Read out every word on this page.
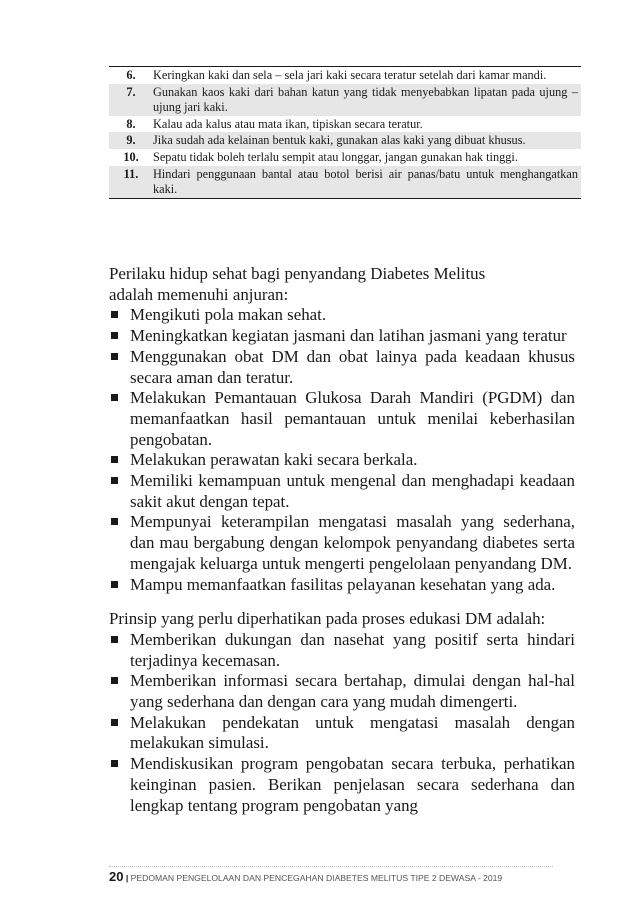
6.	Keringkan kaki dan sela – sela jari kaki secara teratur setelah dari kamar mandi.
7.	Gunakan kaos kaki dari bahan katun yang tidak menyebabkan lipatan pada ujung – ujung jari kaki.
8.	Kalau ada kalus atau mata ikan, tipiskan secara teratur.
9.	Jika sudah ada kelainan bentuk kaki, gunakan alas kaki yang dibuat khusus.
10.	Sepatu tidak boleh terlalu sempit atau longgar, jangan gunakan hak tinggi.
11.	Hindari penggunaan bantal atau botol berisi air panas/batu untuk menghangatkan kaki.

Perilaku hidup sehat bagi penyandang Diabetes Melitus

adalah memenuhi anjuran:

Mengikuti pola makan sehat.
Meningkatkan kegiatan jasmani dan latihan jasmani yang teratur
Menggunakan obat DM dan obat lainya pada keadaan khusus secara aman dan teratur.
Melakukan Pemantauan Glukosa Darah Mandiri (PGDM) dan memanfaatkan hasil pemantauan untuk menilai keberhasilan pengobatan.
Melakukan perawatan kaki secara berkala.
Memiliki kemampuan untuk mengenal dan menghadapi keadaan sakit akut dengan tepat.
Mempunyai keterampilan mengatasi masalah yang sederhana, dan mau bergabung dengan kelompok penyandang diabetes serta mengajak keluarga untuk mengerti pengelolaan penyandang DM.
Mampu memanfaatkan fasilitas pelayanan kesehatan yang ada.

Prinsip yang perlu diperhatikan pada proses edukasi DM adalah:

Memberikan dukungan dan nasehat yang positif serta hindari terjadinya kecemasan.
Memberikan informasi secara bertahap, dimulai dengan hal-hal yang sederhana dan dengan cara yang mudah dimengerti.
Melakukan pendekatan untuk mengatasi masalah dengan melakukan simulasi.
Mendiskusikan program pengobatan secara terbuka, perhatikan keinginan pasien. Berikan penjelasan secara sederhana dan lengkap tentang program pengobatan yang
20 | PEDOMAN PENGELOLAAN DAN PENCEGAHAN DIABETES MELITUS TIPE 2 DEWASA - 2019
